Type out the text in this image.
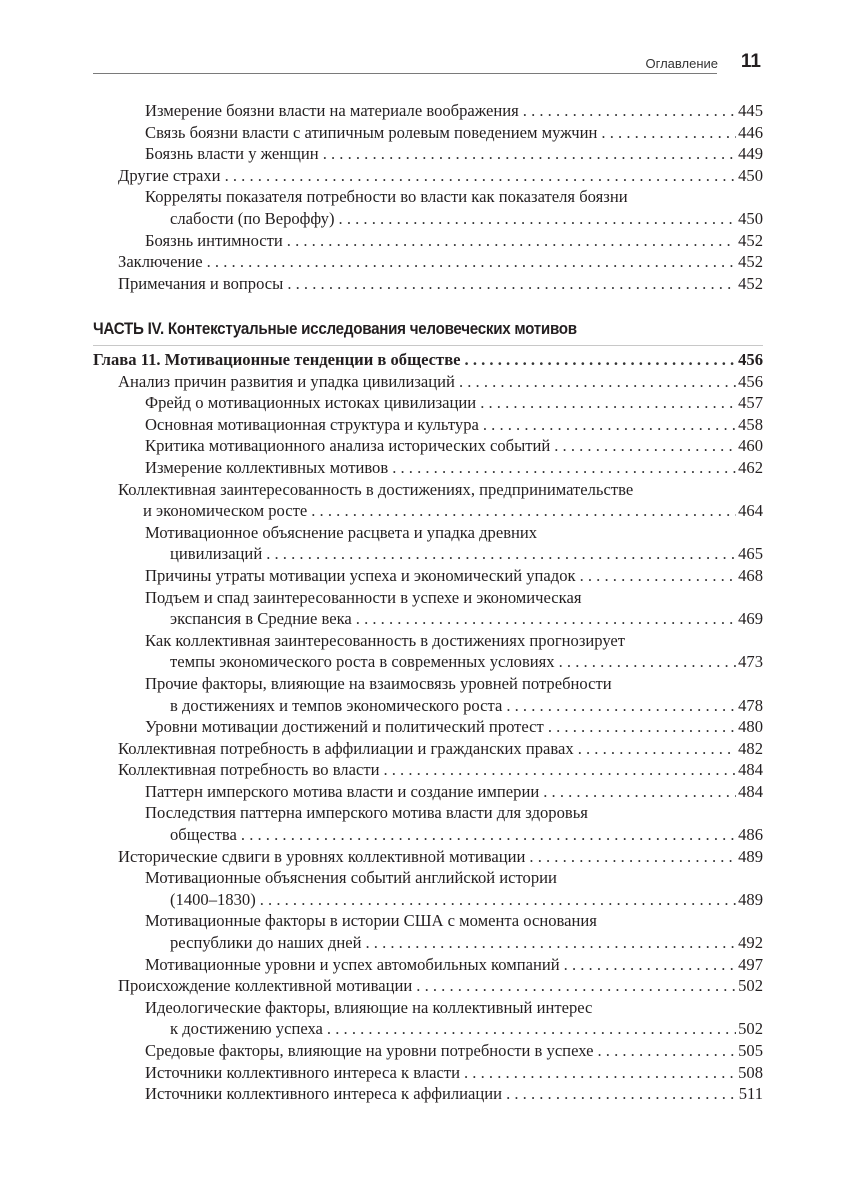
Оглавление 11
Измерение боязни власти на материале воображения . . .	445
Связь боязни власти с атипичным ролевым поведением мужчин . . .	446
Боязнь власти у женщин . . .	449
Другие страхи . . .	450
Корреляты показателя потребности во власти как показателя боязни
слабости (по Вероффу) . . .	450
Боязнь интимности . . .	452
Заключение . . .	452
Примечания и вопросы . . .	452
ЧАСТЬ IV. Контекстуальные исследования человеческих мотивов
Глава 11. Мотивационные тенденции в обществе . . .	456
Анализ причин развития и упадка цивилизаций . . .	456
Фрейд о мотивационных истоках цивилизации . . .	457
Основная мотивационная структура и культура . . .	458
Критика мотивационного анализа исторических событий . . .	460
Измерение коллективных мотивов . . .	462
Коллективная заинтересованность в достижениях, предпринимательстве
и экономическом росте . . .	464
Мотивационное объяснение расцвета и упадка древних
цивилизаций . . .	465
Причины утраты мотивации успеха и экономический упадок . . .	468
Подъем и спад заинтересованности в успехе и экономическая
экспансия в Средние века . . .	469
Как коллективная заинтересованность в достижениях прогнозирует
темпы экономического роста в современных условиях . . .	473
Прочие факторы, влияющие на взаимосвязь уровней потребности
в достижениях и темпов экономического роста . . .	478
Уровни мотивации достижений и политический протест . . .	480
Коллективная потребность в аффилиации и гражданских правах . . .	482
Коллективная потребность во власти . . .	484
Паттерн имперского мотива власти и создание империи . . .	484
Последствия паттерна имперского мотива власти для здоровья
общества . . .	486
Исторические сдвиги в уровнях коллективной мотивации . . .	489
Мотивационные объяснения событий английской истории
(1400–1830) . . .	489
Мотивационные факторы в истории США с момента основания
республики до наших дней . . .	492
Мотивационные уровни и успех автомобильных компаний . . .	497
Происхождение коллективной мотивации . . .	502
Идеологические факторы, влияющие на коллективный интерес
к достижению успеха . . .	502
Средовые факторы, влияющие на уровни потребности в успехе . . .	505
Источники коллективного интереса к власти . . .	508
Источники коллективного интереса к аффилиации . . .	511
